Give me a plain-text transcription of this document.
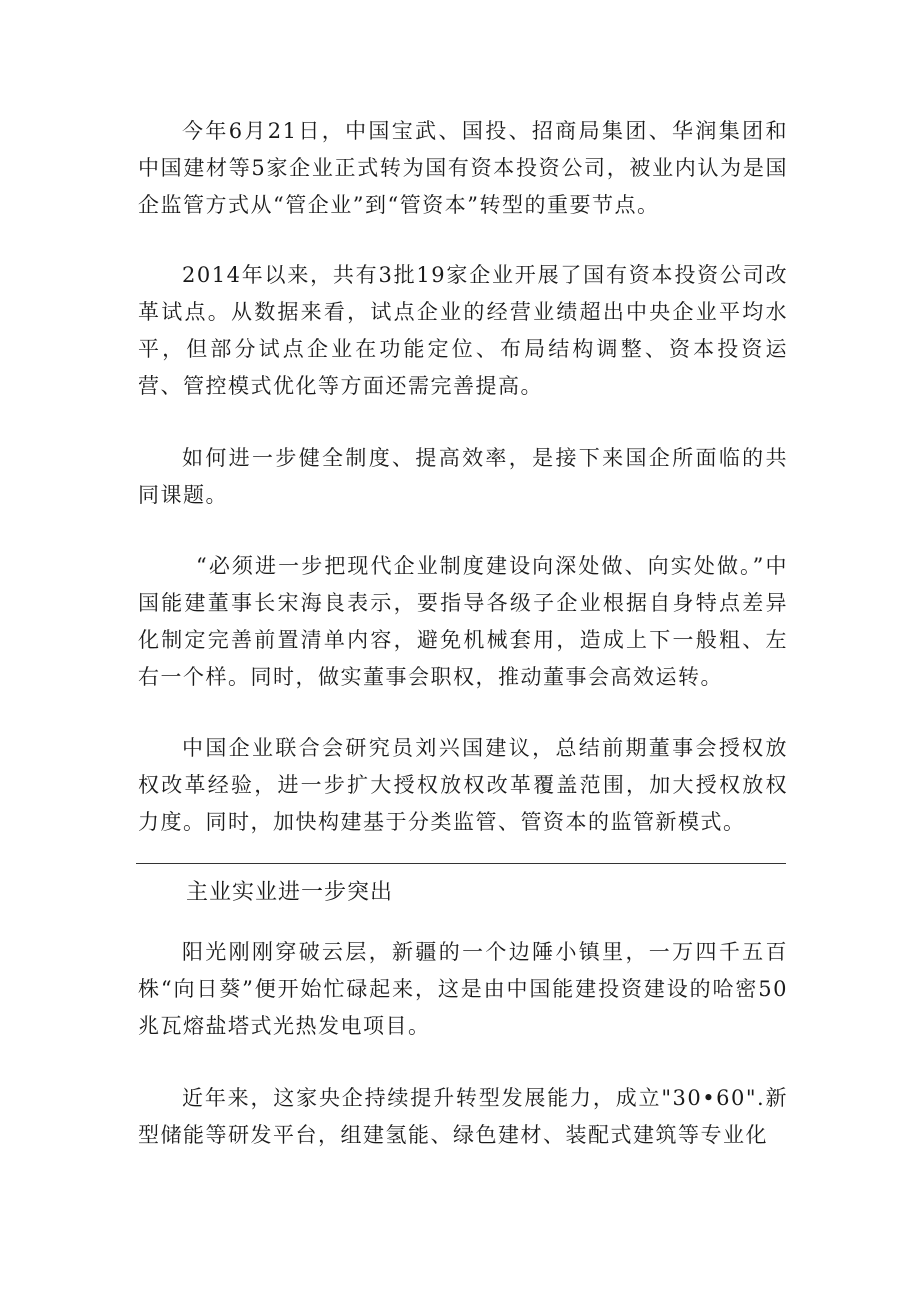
今年6月21日，中国宝武、国投、招商局集团、华润集团和中国建材等5家企业正式转为国有资本投资公司，被业内认为是国企监管方式从“管企业”到“管资本”转型的重要节点。

2014年以来，共有3批19家企业开展了国有资本投资公司改革试点。从数据来看，试点企业的经营业绩超出中央企业平均水平，但部分试点企业在功能定位、布局结构调整、资本投资运营、管控模式优化等方面还需完善提高。

如何进一步健全制度、提高效率，是接下来国企所面临的共同课题。

“必须进一步把现代企业制度建设向深处做、向实处做。”中国能建董事长宋海良表示，要指导各级子企业根据自身特点差异化制定完善前置清单内容，避免机械套用，造成上下一般粗、左右一个样。同时，做实董事会职权，推动董事会高效运转。

中国企业联合会研究员刘兴国建议，总结前期董事会授权放权改革经验，进一步扩大授权放权改革覆盖范围，加大授权放权力度。同时，加快构建基于分类监管、管资本的监管新模式。

主业实业进一步突出

阳光刚刚穿破云层，新疆的一个边陲小镇里，一万四千五百株“向日葵”便开始忙碌起来，这是由中国能建投资建设的哈密50兆瓦熔盐塔式光热发电项目。

近年来，这家央企持续提升转型发展能力，成立"30•60".新型储能等研发平台，组建氢能、绿色建材、装配式建筑等专业化
